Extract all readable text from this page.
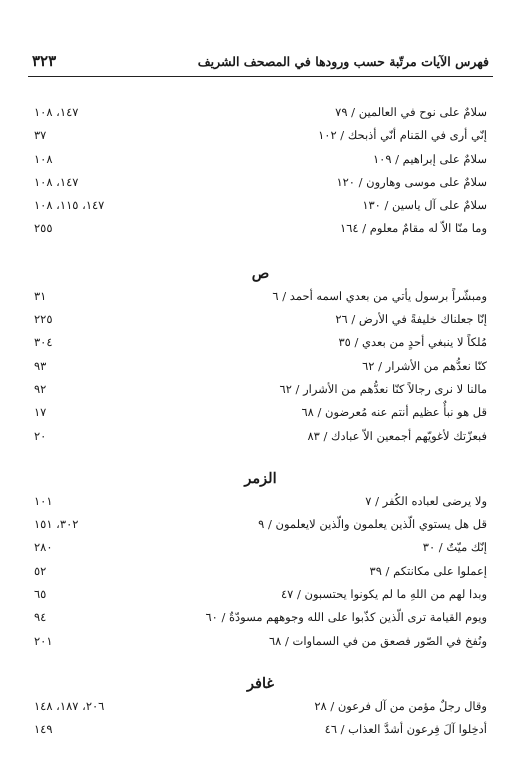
فهرس الآيات مرتّبة حسب ورودها في المصحف الشريف
٣٢٣
سلامٌ على نوح في العالمين / ٧٩
١٤٧، ١٠٨
إنّي أرى في المَنام أنّي أذبحك / ١٠٢
٣٧
سلامٌ على إبراهيم / ١٠٩
١٠٨
سلامٌ على موسى وهارون / ١٢٠
١٤٧، ١٠٨
سلامٌ على آل ياسين / ١٣٠
١٤٧، ١١٥، ١٠٨
وما منّا الاّ له مقامٌ معلوم / ١٦٤
٢٥٥
ص
ومبشّراً برسول يأتي من بعدي اسمه أحمد / ٦
٣١
إنّا جعلناك خليفةً في الأرض / ٢٦
٢٢٥
مُلكاً لا ينبغي أحدٍ من بعدي / ٣٥
٣٠٤
كنّا نعدُّهم من الأشرار / ٦٢
٩٣
مالنا لا نرى رجالاً كنّا نعدُّهم من الأشرار / ٦٢
٩٢
قل هو نبأٌ عظيم أنتم عنه مُعرضون / ٦٨
١٧
فبعزّتك لأغويّهم أجمعين الاّ عبادك / ٨٣
٢٠
الزمر
ولا يرضى لعباده الكُفر / ٧
١٠١
قل هل يستوي الّذين يعلمون والّذين لايعلمون / ٩
٣٠٢، ١٥١
إنّك ميّتٌ / ٣٠
٢٨٠
إعملوا على مكانتكم / ٣٩
٥٢
وبدا لهم من اللهِ ما لم يكونوا يحتسبون / ٤٧
٦٥
ويوم القيامة ترى الّذين كذّبوا على الله وجوههم مسودّةٌ / ٦٠
٩٤
ونُفخ في الصّور فصعق من في السماوات / ٦٨
٢٠١
غافر
وقال رجلٌ مؤمن من آل فرعون / ٢٨
٢٠٦، ١٨٧، ١٤٨
أدخِلوا آلَ فِرعون أشدَّ العذاب / ٤٦
١٤٩
